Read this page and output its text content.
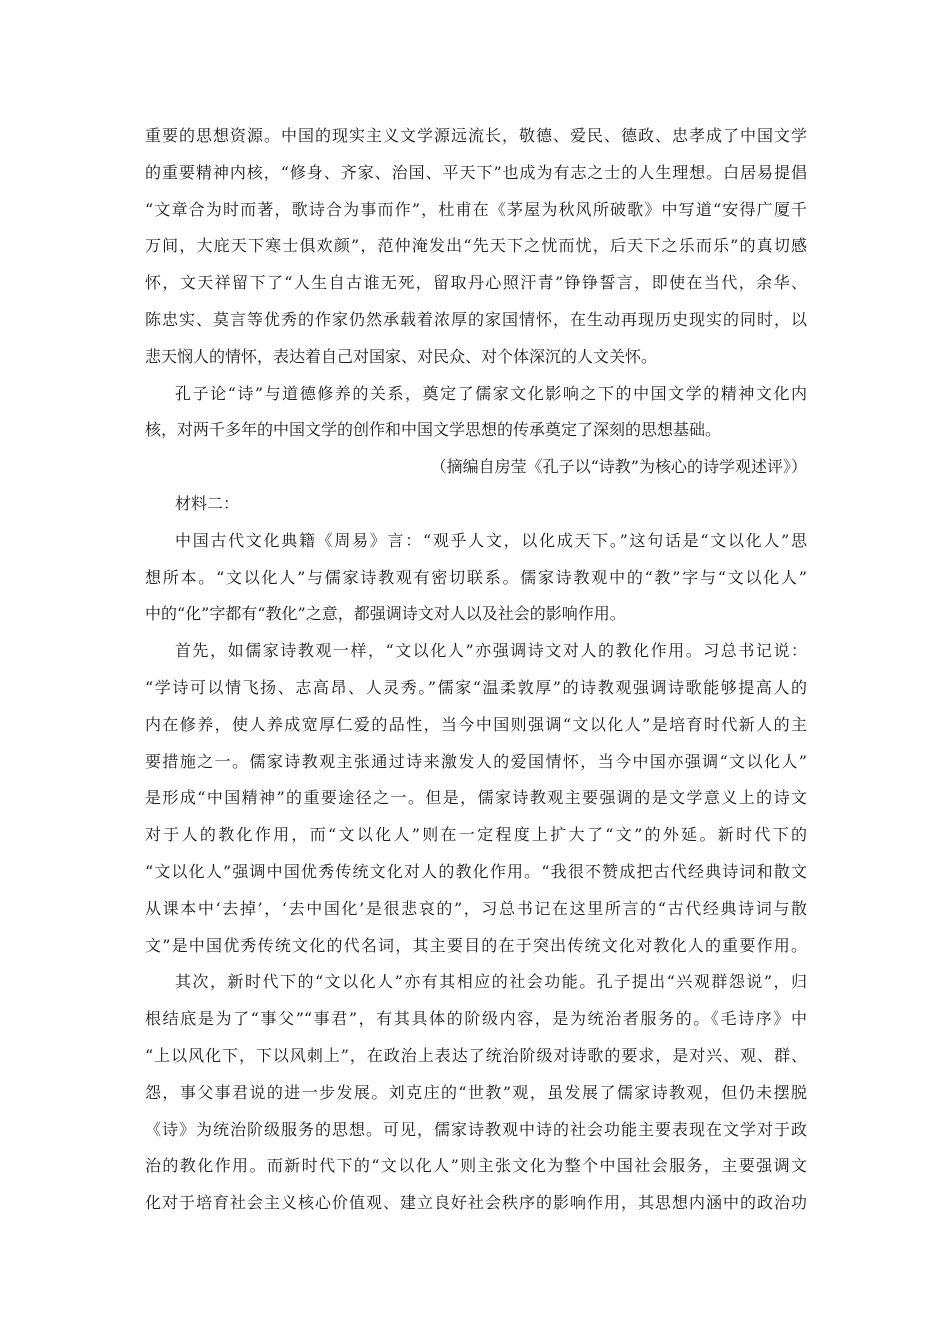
重要的思想资源。中国的现实主义文学源远流长，敬德、爱民、德政、忠孝成了中国文学
的重要精神内核，“修身、齐家、治国、平天下”也成为有志之士的人生理想。白居易提倡
“文章合为时而著，歌诗合为事而作”，杜甫在《茅屋为秋风所破歌》中写道“安得广厦千
万间，大庇天下寒士俱欢颜”，范仲淹发出“先天下之忧而忧，后天下之乐而乐”的真切感
怀，文天祥留下了“人生自古谁无死，留取丹心照汗青”铮铮誓言，即使在当代，余华、
陈忠实、莫言等优秀的作家仍然承载着浓厚的家国情怀，在生动再现历史现实的同时，以
悲天悯人的情怀，表达着自己对国家、对民众、对个体深沉的人文关怀。
孔子论“诗”与道德修养的关系，奠定了儒家文化影响之下的中国文学的精神文化内
核，对两千多年的中国文学的创作和中国文学思想的传承奠定了深刻的思想基础。
（摘编自房莹《孔子以“诗教”为核心的诗学观述评》）
材料二：
中国古代文化典籍《周易》言：“观乎人文，以化成天下。”这句话是“文以化人”思
想所本。“文以化人”与儒家诗教观有密切联系。儒家诗教观中的“教”字与“文以化人”
中的“化”字都有“教化”之意，都强调诗文对人以及社会的影响作用。
首先，如儒家诗教观一样，“文以化人”亦强调诗文对人的教化作用。习总书记说：
“学诗可以情飞扬、志高昂、人灵秀。”儒家“温柔敦厚”的诗教观强调诗歌能够提高人的
内在修养，使人养成宽厚仁爱的品性，当今中国则强调“文以化人”是培育时代新人的主
要措施之一。儒家诗教观主张通过诗来激发人的爱国情怀，当今中国亦强调“文以化人”
是形成“中国精神”的重要途径之一。但是，儒家诗教观主要强调的是文学意义上的诗文
对于人的教化作用，而“文以化人”则在一定程度上扩大了“文”的外延。新时代下的
“文以化人”强调中国优秀传统文化对人的教化作用。“我很不赞成把古代经典诗词和散文
从课本中‘去掉’，‘去中国化’是很悲哀的”，习总书记在这里所言的“古代经典诗词与散
文”是中国优秀传统文化的代名词，其主要目的在于突出传统文化对教化人的重要作用。
其次，新时代下的“文以化人”亦有其相应的社会功能。孔子提出“兴观群怨说”，归
根结底是为了“事父”“事君”，有其具体的阶级内容，是为统治者服务的。《毛诗序》中
“上以风化下，下以风刺上”，在政治上表达了统治阶级对诗歌的要求，是对兴、观、群、
怨，事父事君说的进一步发展。刘克庄的“世教”观，虽发展了儒家诗教观，但仍未摆脱
《诗》为统治阶级服务的思想。可见，儒家诗教观中诗的社会功能主要表现在文学对于政
治的教化作用。而新时代下的“文以化人”则主张文化为整个中国社会服务，主要强调文
化对于培育社会主义核心价值观、建立良好社会秩序的影响作用，其思想内涵中的政治功
